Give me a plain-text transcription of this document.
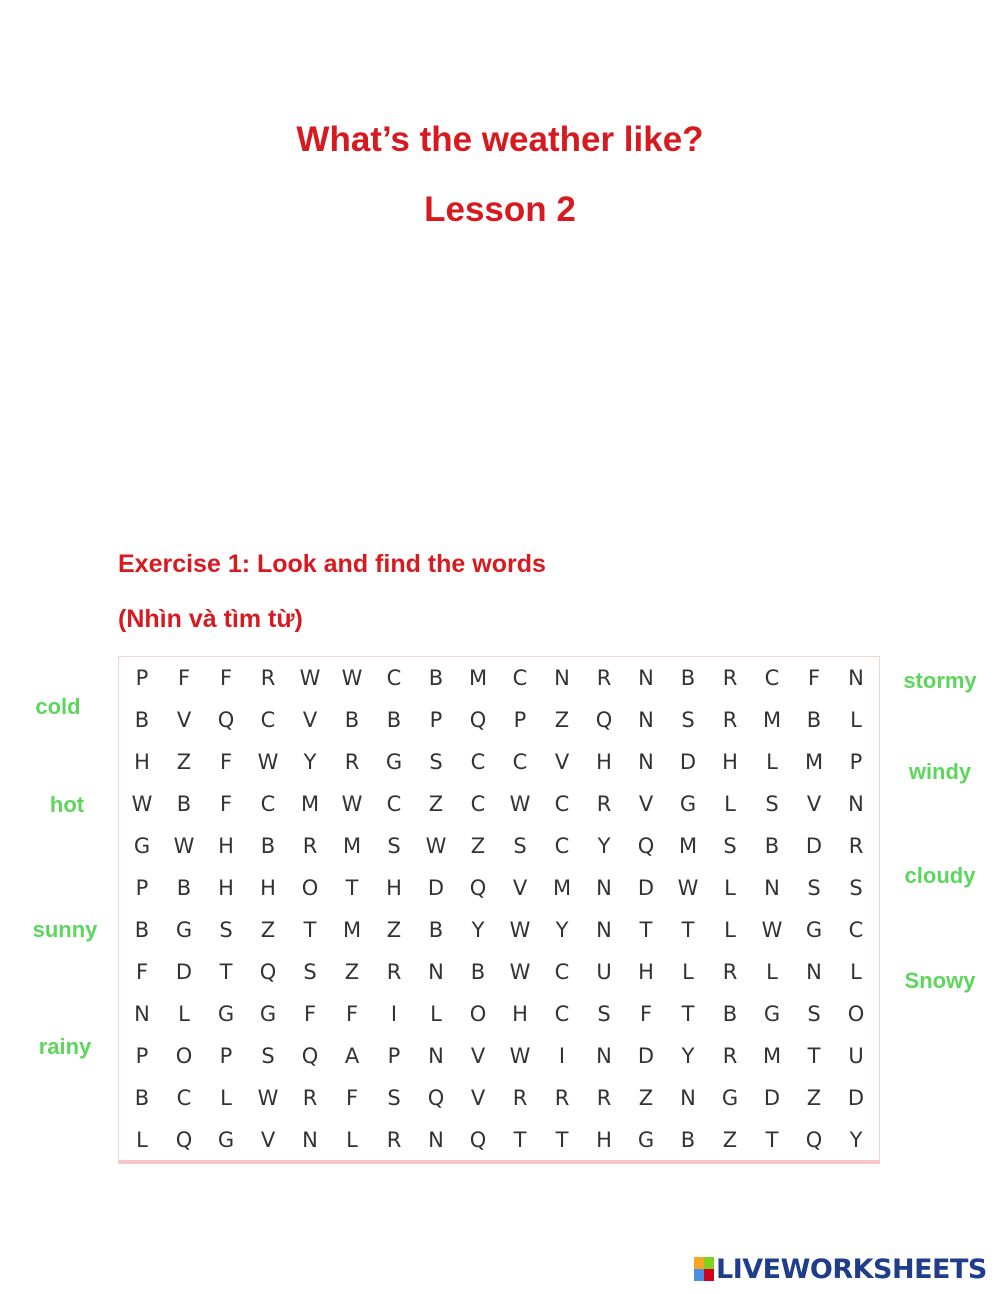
What’s the weather like?
Lesson 2
Exercise 1: Look and find the words
(Nhìn và tìm từ)
cold
hot
sunny
rainy
stormy
windy
cloudy
Snowy
P	F	F	R	W	W	C	B	M	C	N	R	N	B	R	C	F	N
B	V	Q	C	V	B	B	P	Q	P	Z	Q	N	S	R	M	B	L
H	Z	F	W	Y	R	G	S	C	C	V	H	N	D	H	L	M	P
W	B	F	C	M	W	C	Z	C	W	C	R	V	G	L	S	V	N
G	W	H	B	R	M	S	W	Z	S	C	Y	Q	M	S	B	D	R
P	B	H	H	O	T	H	D	Q	V	M	N	D	W	L	N	S	S
B	G	S	Z	T	M	Z	B	Y	W	Y	N	T	T	L	W	G	C
F	D	T	Q	S	Z	R	N	B	W	C	U	H	L	R	L	N	L
N	L	G	G	F	F	I	L	O	H	C	S	F	T	B	G	S	O
P	O	P	S	Q	A	P	N	V	W	I	N	D	Y	R	M	T	U
B	C	L	W	R	F	S	Q	V	R	R	R	Z	N	G	D	Z	D
L	Q	G	V	N	L	R	N	Q	T	T	H	G	B	Z	T	Q	Y
LIVEWORKSHEETS
